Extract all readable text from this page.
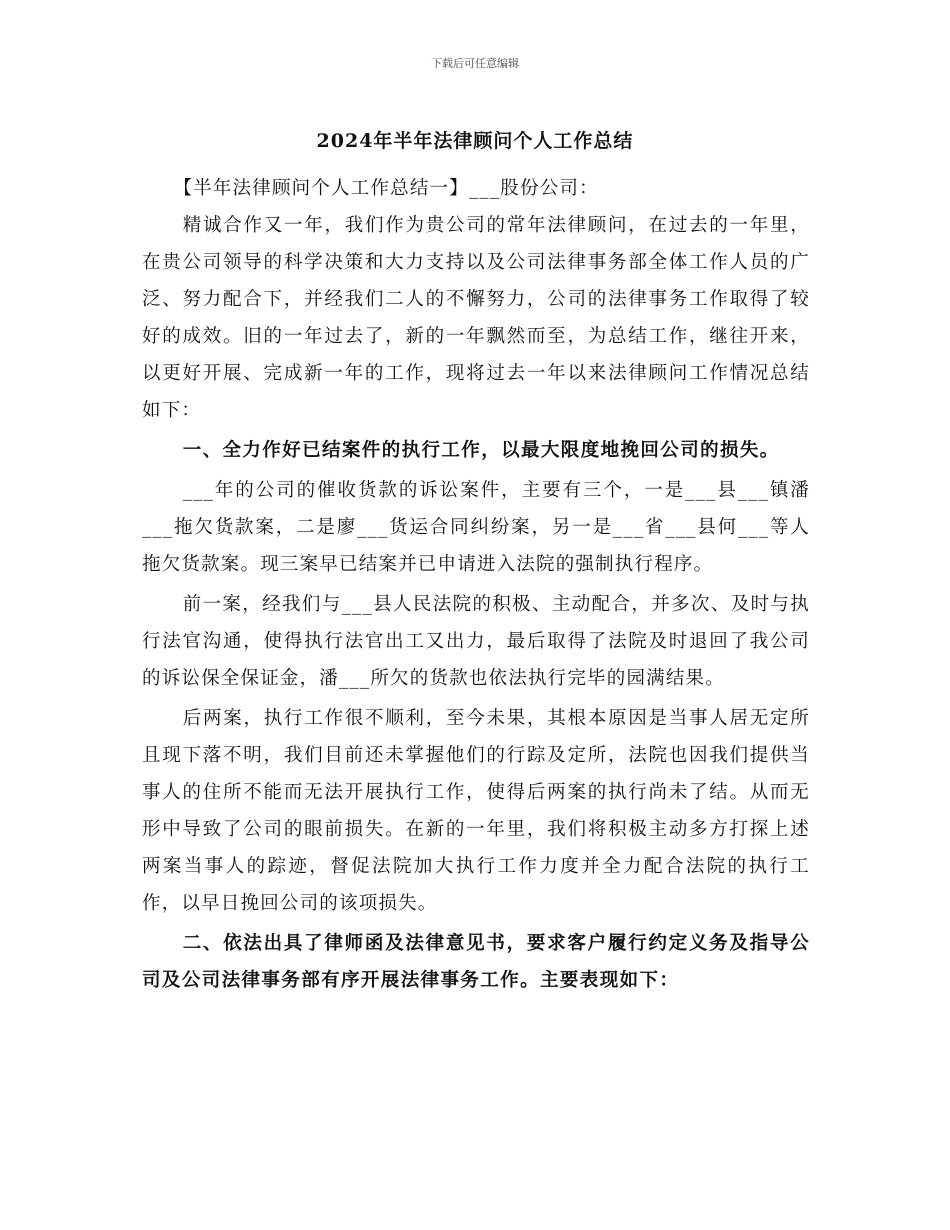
下载后可任意编辑
2024年半年法律顾问个人工作总结

【半年法律顾问个人工作总结一】___股份公司：

精诚合作又一年，我们作为贵公司的常年法律顾问，在过去的一年里，在贵公司领导的科学决策和大力支持以及公司法律事务部全体工作人员的广泛、努力配合下，并经我们二人的不懈努力，公司的法律事务工作取得了较好的成效。旧的一年过去了，新的一年飘然而至，为总结工作，继往开来，以更好开展、完成新一年的工作，现将过去一年以来法律顾问工作情况总结如下：

一、全力作好已结案件的执行工作，以最大限度地挽回公司的损失。

___年的公司的催收货款的诉讼案件，主要有三个，一是___县___镇潘___拖欠货款案，二是廖___货运合同纠纷案，另一是___省___县何___等人拖欠货款案。现三案早已结案并已申请进入法院的强制执行程序。

前一案，经我们与___县人民法院的积极、主动配合，并多次、及时与执行法官沟通，使得执行法官出工又出力，最后取得了法院及时退回了我公司的诉讼保全保证金，潘___所欠的货款也依法执行完毕的园满结果。

后两案，执行工作很不顺利，至今未果，其根本原因是当事人居无定所且现下落不明，我们目前还未掌握他们的行踪及定所，法院也因我们提供当事人的住所不能而无法开展执行工作，使得后两案的执行尚未了结。从而无形中导致了公司的眼前损失。在新的一年里，我们将积极主动多方打探上述两案当事人的踪迹，督促法院加大执行工作力度并全力配合法院的执行工作，以早日挽回公司的该项损失。

二、依法出具了律师函及法律意见书，要求客户履行约定义务及指导公司及公司法律事务部有序开展法律事务工作。主要表现如下：
